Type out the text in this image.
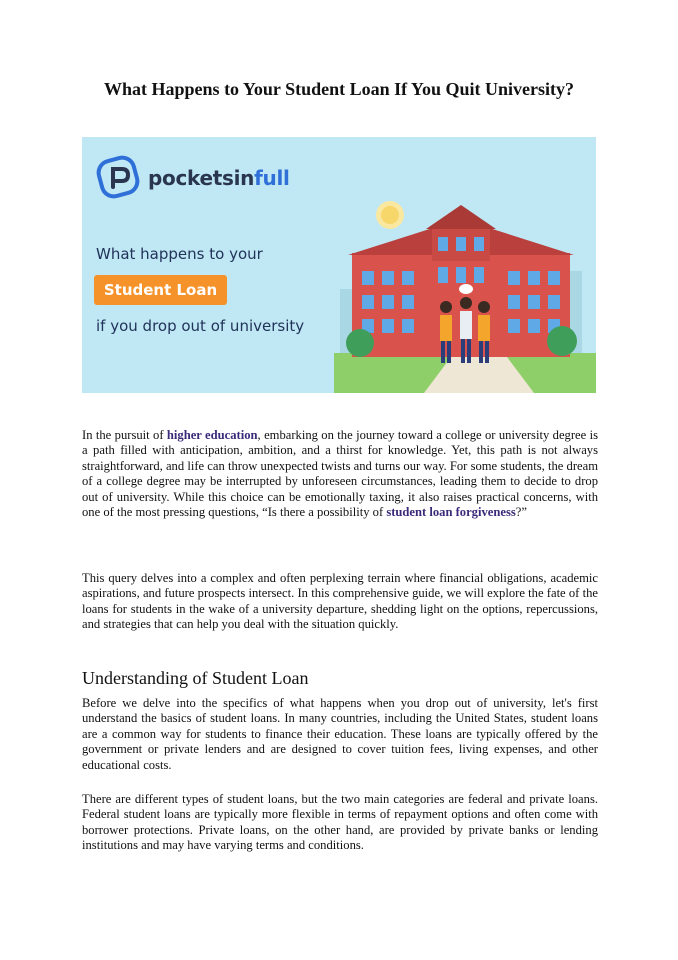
What Happens to Your Student Loan If You Quit University?
pocketsinfull
What happens to your
Student Loan
if you drop out of university
In the pursuit of higher education, embarking on the journey toward a college or university degree is a path filled with anticipation, ambition, and a thirst for knowledge. Yet, this path is not always straightforward, and life can throw unexpected twists and turns our way. For some students, the dream of a college degree may be interrupted by unforeseen circumstances, leading them to decide to drop out of university. While this choice can be emotionally taxing, it also raises practical concerns, with one of the most pressing questions, “Is there a possibility of student loan forgiveness?”
This query delves into a complex and often perplexing terrain where financial obligations, academic aspirations, and future prospects intersect. In this comprehensive guide, we will explore the fate of the loans for students in the wake of a university departure, shedding light on the options, repercussions, and strategies that can help you deal with the situation quickly.
Understanding of Student Loan
Before we delve into the specifics of what happens when you drop out of university, let's first understand the basics of student loans. In many countries, including the United States, student loans are a common way for students to finance their education. These loans are typically offered by the government or private lenders and are designed to cover tuition fees, living expenses, and other educational costs.
There are different types of student loans, but the two main categories are federal and private loans. Federal student loans are typically more flexible in terms of repayment options and often come with borrower protections. Private loans, on the other hand, are provided by private banks or lending institutions and may have varying terms and conditions.
